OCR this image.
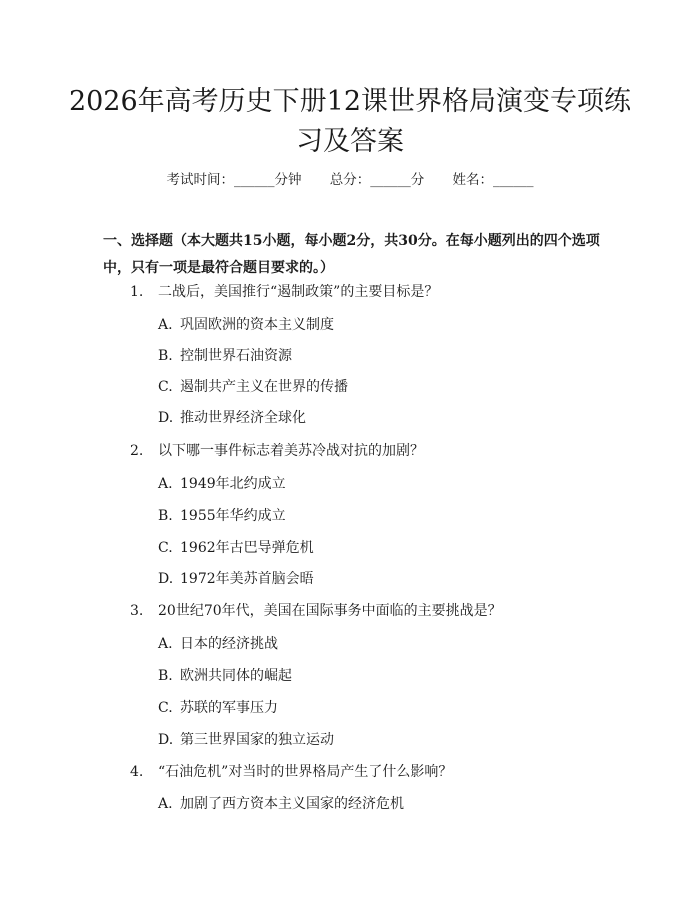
2026年高考历史下册12课世界格局演变专项练习及答案
考试时间：______分钟 总分：______分 姓名：______

一、选择题（本大题共15小题，每小题2分，共30分。在每小题列出的四个选项中，只有一项是最符合题目要求的。）

1. 二战后，美国推行“遏制政策”的主要目标是？
A. 巩固欧洲的资本主义制度
B. 控制世界石油资源
C. 遏制共产主义在世界的传播
D. 推动世界经济全球化
2. 以下哪一事件标志着美苏冷战对抗的加剧？
A. 1949年北约成立
B. 1955年华约成立
C. 1962年古巴导弹危机
D. 1972年美苏首脑会晤
3. 20世纪70年代，美国在国际事务中面临的主要挑战是？
A. 日本的经济挑战
B. 欧洲共同体的崛起
C. 苏联的军事压力
D. 第三世界国家的独立运动
4. “石油危机”对当时的世界格局产生了什么影响？
A. 加剧了西方资本主义国家的经济危机
